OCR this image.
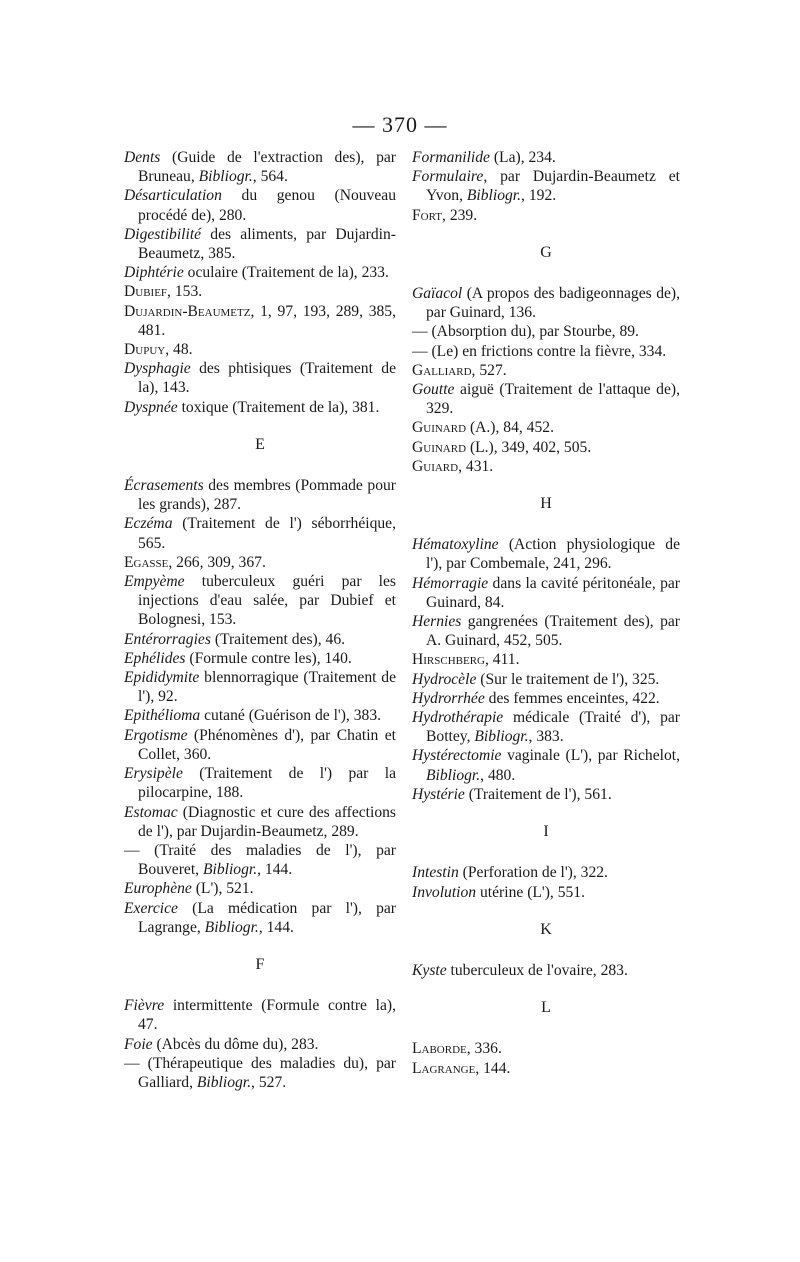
— 370 —

Dents (Guide de l'extraction des), par Bruneau, Bibliogr., 564.

Désarticulation du genou (Nouveau procédé de), 280.

Digestibilité des aliments, par Dujardin-Beaumetz, 385.

Diphtérie oculaire (Traitement de la), 233.

Dubief, 153.

Dujardin-Beaumetz, 1, 97, 193, 289, 385, 481.

Dupuy, 48.

Dysphagie des phtisiques (Traitement de la), 143.

Dyspnée toxique (Traitement de la), 381.

E

Écrasements des membres (Pommade pour les grands), 287.

Eczéma (Traitement de l') séborrhéique, 565.

Egasse, 266, 309, 367.

Empyème tuberculeux guéri par les injections d'eau salée, par Dubief et Bolognesi, 153.

Entérorragies (Traitement des), 46.

Ephélides (Formule contre les), 140.

Epididymite blennorragique (Traitement de l'), 92.

Epithélioma cutané (Guérison de l'), 383.

Ergotisme (Phénomènes d'), par Chatin et Collet, 360.

Erysipèle (Traitement de l') par la pilocarpine, 188.

Estomac (Diagnostic et cure des affections de l'), par Dujardin-Beaumetz, 289.

— (Traité des maladies de l'), par Bouveret, Bibliogr., 144.

Europhène (L'), 521.

Exercice (La médication par l'), par Lagrange, Bibliogr., 144.

F

Fièvre intermittente (Formule contre la), 47.

Foie (Abcès du dôme du), 283.

— (Thérapeutique des maladies du), par Galliard, Bibliogr., 527.

Formanilide (La), 234.

Formulaire, par Dujardin-Beaumetz et Yvon, Bibliogr., 192.

Fort, 239.

G

Gaïacol (A propos des badigeonnages de), par Guinard, 136.

— (Absorption du), par Stourbe, 89.

— (Le) en frictions contre la fièvre, 334.

Galliard, 527.

Goutte aiguë (Traitement de l'attaque de), 329.

Guinard (A.), 84, 452.

Guinard (L.), 349, 402, 505.

Guiard, 431.

H

Hématoxyline (Action physiologique de l'), par Combemale, 241, 296.

Hémorragie dans la cavité péritonéale, par Guinard, 84.

Hernies gangrenées (Traitement des), par A. Guinard, 452, 505.

Hirschberg, 411.

Hydrocèle (Sur le traitement de l'), 325.

Hydrorrhée des femmes enceintes, 422.

Hydrothérapie médicale (Traité d'), par Bottey, Bibliogr., 383.

Hystérectomie vaginale (L'), par Richelot, Bibliogr., 480.

Hystérie (Traitement de l'), 561.

I

Intestin (Perforation de l'), 322.

Involution utérine (L'), 551.

K

Kyste tuberculeux de l'ovaire, 283.

L

Laborde, 336.

Lagrange, 144.
